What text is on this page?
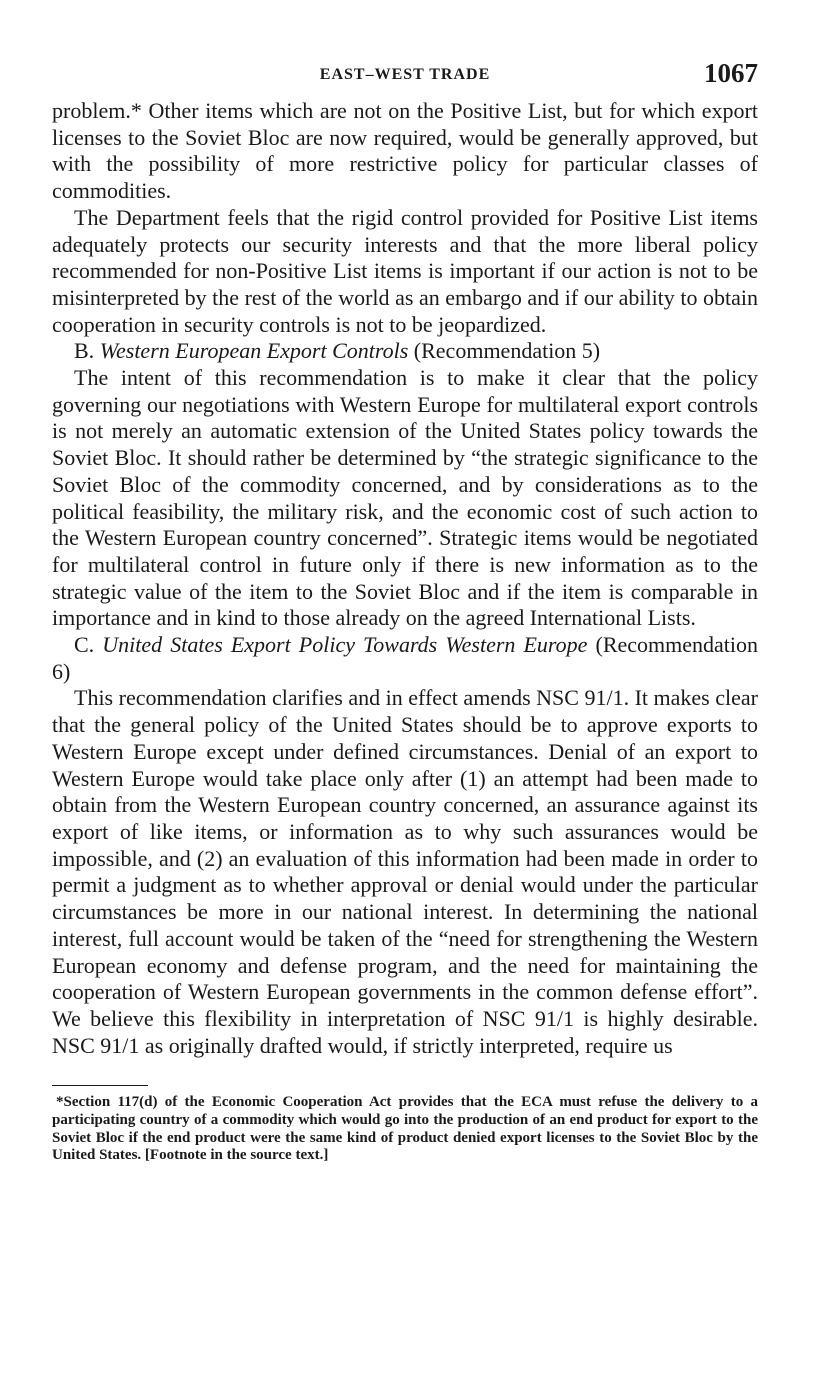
EAST–WEST TRADE	1067

problem.* Other items which are not on the Positive List, but for which export licenses to the Soviet Bloc are now required, would be generally approved, but with the possibility of more restrictive policy for particular classes of commodities.

The Department feels that the rigid control provided for Positive List items adequately protects our security interests and that the more liberal policy recommended for non-Positive List items is important if our action is not to be misinterpreted by the rest of the world as an embargo and if our ability to obtain cooperation in security controls is not to be jeopardized.

B. Western European Export Controls (Recommendation 5)

The intent of this recommendation is to make it clear that the policy governing our negotiations with Western Europe for multilateral export controls is not merely an automatic extension of the United States policy towards the Soviet Bloc. It should rather be determined by “the strategic significance to the Soviet Bloc of the commodity concerned, and by considerations as to the political feasibility, the military risk, and the economic cost of such action to the Western European country concerned”. Strategic items would be negotiated for multilateral control in future only if there is new information as to the strategic value of the item to the Soviet Bloc and if the item is comparable in importance and in kind to those already on the agreed International Lists.

C. United States Export Policy Towards Western Europe (Recommendation 6)

This recommendation clarifies and in effect amends NSC 91/1. It makes clear that the general policy of the United States should be to approve exports to Western Europe except under defined circumstances. Denial of an export to Western Europe would take place only after (1) an attempt had been made to obtain from the Western European country concerned, an assurance against its export of like items, or information as to why such assurances would be impossible, and (2) an evaluation of this information had been made in order to permit a judgment as to whether approval or denial would under the particular circumstances be more in our national interest. In determining the national interest, full account would be taken of the “need for strengthening the Western European economy and defense program, and the need for maintaining the cooperation of Western European governments in the common defense effort”. We believe this flexibility in interpretation of NSC 91/1 is highly desirable. NSC 91/1 as originally drafted would, if strictly interpreted, require us

*Section 117(d) of the Economic Cooperation Act provides that the ECA must refuse the delivery to a participating country of a commodity which would go into the production of an end product for export to the Soviet Bloc if the end product were the same kind of product denied export licenses to the Soviet Bloc by the United States. [Footnote in the source text.]
